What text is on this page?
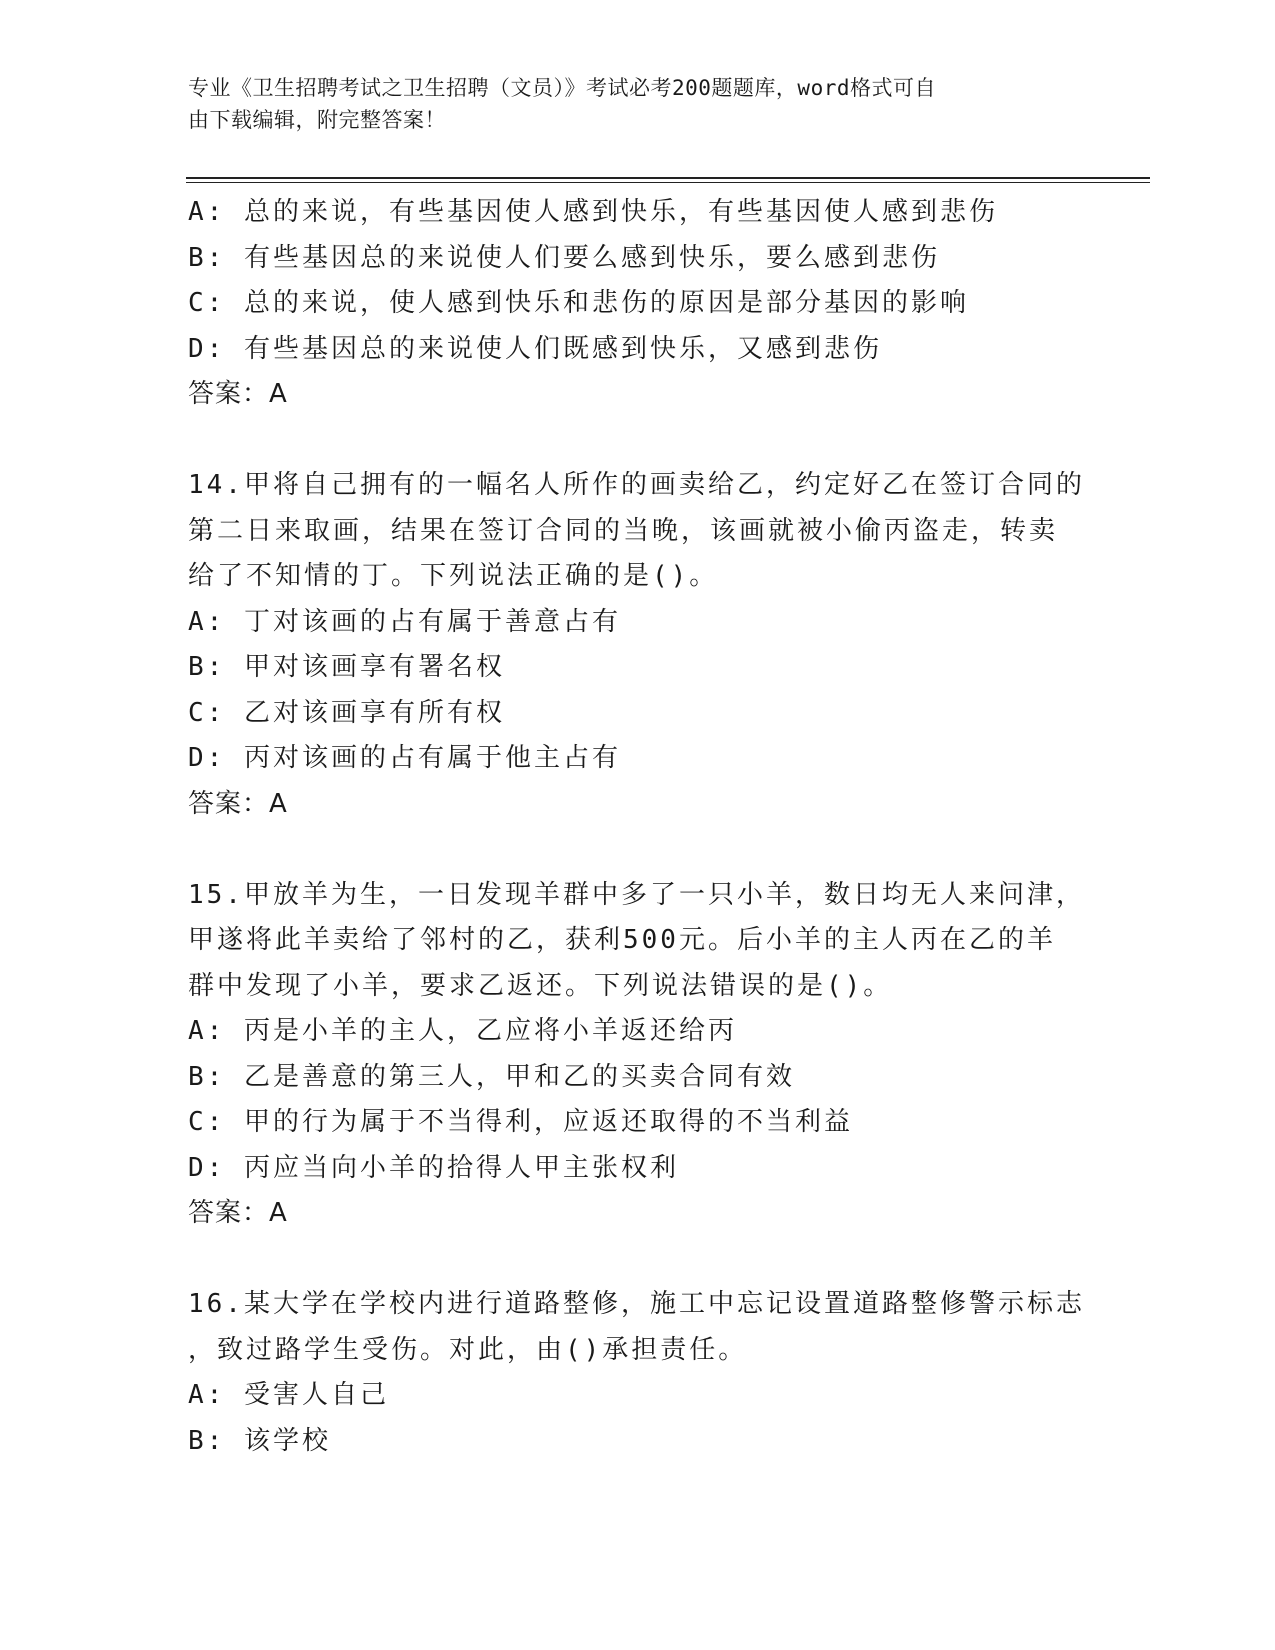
专业《卫生招聘考试之卫生招聘（文员）》考试必考200题题库，word格式可自
由下载编辑，附完整答案！
A: 总的来说，有些基因使人感到快乐，有些基因使人感到悲伤
B: 有些基因总的来说使人们要么感到快乐，要么感到悲伤
C: 总的来说，使人感到快乐和悲伤的原因是部分基因的影响
D: 有些基因总的来说使人们既感到快乐，又感到悲伤
答案：A
14.甲将自己拥有的一幅名人所作的画卖给乙，约定好乙在签订合同的
第二日来取画，结果在签订合同的当晚，该画就被小偷丙盗走，转卖
给了不知情的丁。下列说法正确的是()。
A: 丁对该画的占有属于善意占有
B: 甲对该画享有署名权
C: 乙对该画享有所有权
D: 丙对该画的占有属于他主占有
答案：A
15.甲放羊为生，一日发现羊群中多了一只小羊，数日均无人来问津，
甲遂将此羊卖给了邻村的乙，获利500元。后小羊的主人丙在乙的羊
群中发现了小羊，要求乙返还。下列说法错误的是()。
A: 丙是小羊的主人，乙应将小羊返还给丙
B: 乙是善意的第三人，甲和乙的买卖合同有效
C: 甲的行为属于不当得利，应返还取得的不当利益
D: 丙应当向小羊的拾得人甲主张权利
答案：A
16.某大学在学校内进行道路整修，施工中忘记设置道路整修警示标志
，致过路学生受伤。对此，由()承担责任。
A: 受害人自己
B: 该学校
